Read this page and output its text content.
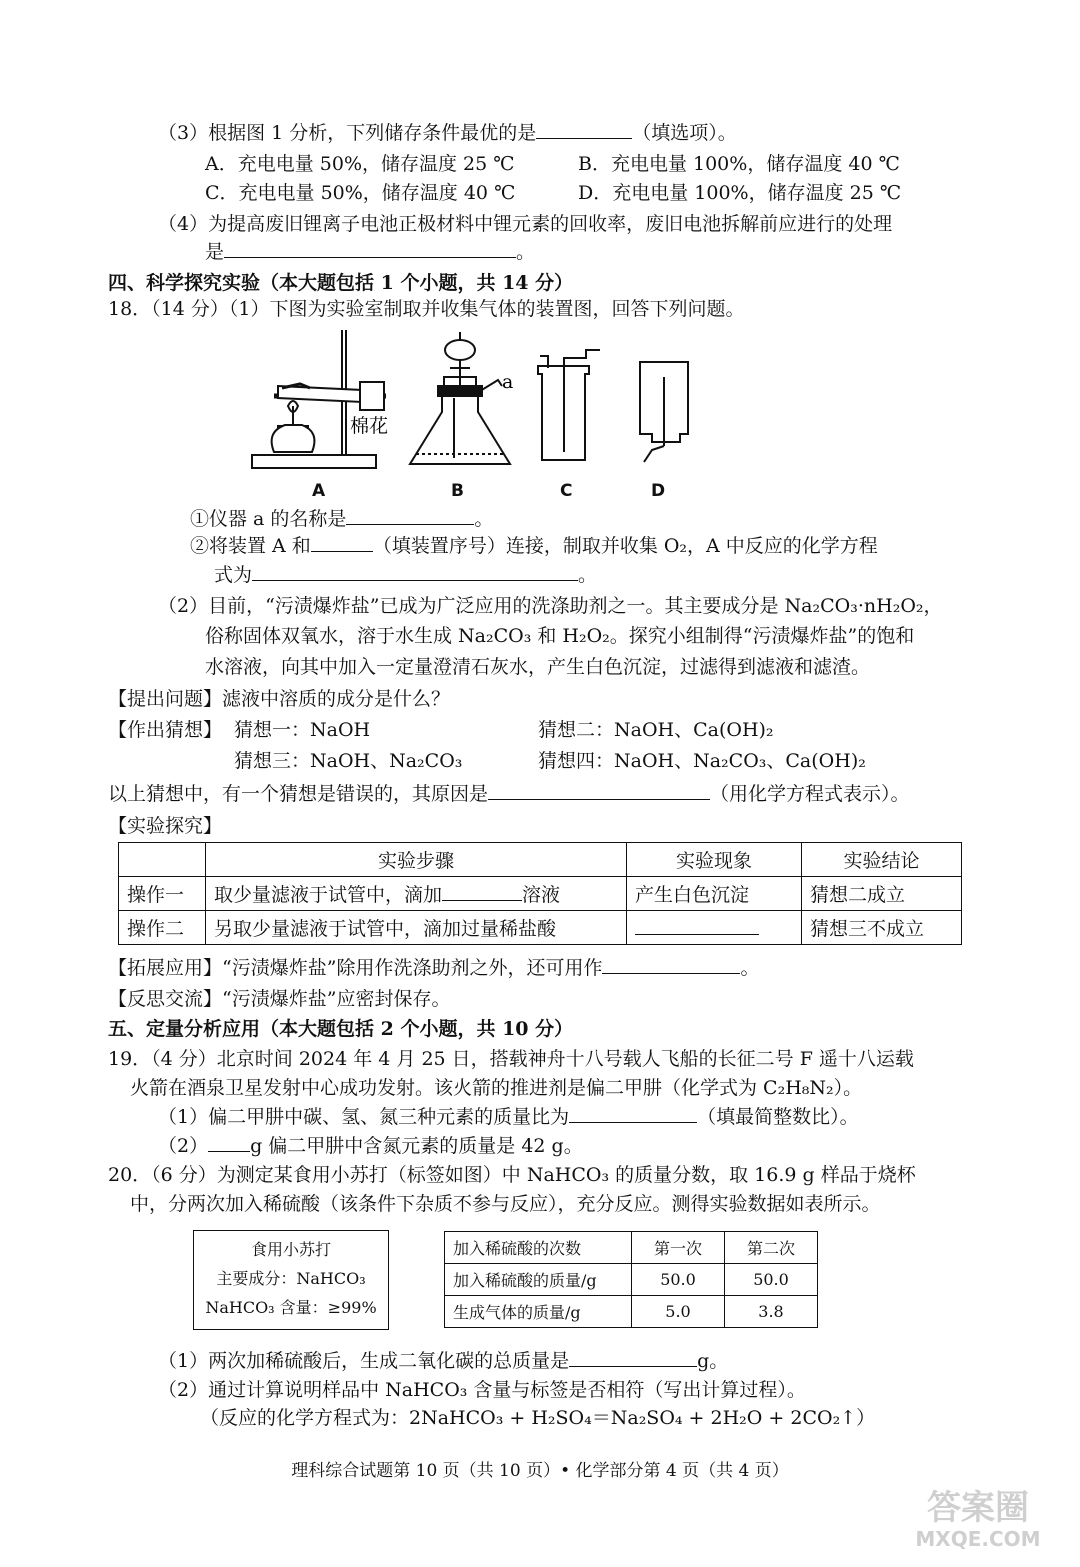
（3）根据图 1 分析，下列储存条件最优的是	（填选项）。
A．充电电量 50%，储存温度 25 ℃	B．充电电量 100%，储存温度 40 ℃
C．充电电量 50%，储存温度 40 ℃	D．充电电量 100%，储存温度 25 ℃
（4）为提高废旧锂离子电池正极材料中锂元素的回收率，废旧电池拆解前应进行的处理
是	。
四、科学探究实验（本大题包括 1 个小题，共 14 分）
18．（14 分）（1）下图为实验室制取并收集气体的装置图，回答下列问题。
棉花
a
A	B	C	D
①仪器 a 的名称是	。
②将装置 A 和	（填装置序号）连接，制取并收集 O₂，A 中反应的化学方程
式为	。
（2）目前，“污渍爆炸盐”已成为广泛应用的洗涤助剂之一。其主要成分是 Na₂CO₃·nH₂O₂，
俗称固体双氧水，溶于水生成 Na₂CO₃ 和 H₂O₂。探究小组制得“污渍爆炸盐”的饱和
水溶液，向其中加入一定量澄清石灰水，产生白色沉淀，过滤得到滤液和滤渣。
【提出问题】滤液中溶质的成分是什么？
【作出猜想】 猜想一：NaOH	猜想二：NaOH、Ca(OH)₂
猜想三：NaOH、Na₂CO₃	猜想四：NaOH、Na₂CO₃、Ca(OH)₂
以上猜想中，有一个猜想是错误的，其原因是	（用化学方程式表示）。
【实验探究】
	实验步骤	实验现象	实验结论
操作一	取少量滤液于试管中，滴加 溶液	产生白色沉淀	猜想二成立
操作二	另取少量滤液于试管中，滴加过量稀盐酸		猜想三不成立
【拓展应用】“污渍爆炸盐”除用作洗涤助剂之外，还可用作	。
【反思交流】“污渍爆炸盐”应密封保存。
五、定量分析应用（本大题包括 2 个小题，共 10 分）
19．（4 分）北京时间 2024 年 4 月 25 日，搭载神舟十八号载人飞船的长征二号 F 遥十八运载
火箭在酒泉卫星发射中心成功发射。该火箭的推进剂是偏二甲肼（化学式为 C₂H₈N₂）。
（1）偏二甲肼中碳、氢、氮三种元素的质量比为	（填最简整数比）。
（2） g 偏二甲肼中含氮元素的质量是 42 g。
20．（6 分）为测定某食用小苏打（标签如图）中 NaHCO₃ 的质量分数，取 16.9 g 样品于烧杯
中，分两次加入稀硫酸（该条件下杂质不参与反应），充分反应。测得实验数据如表所示。
食用小苏打
主要成分：NaHCO₃
NaHCO₃ 含量：≥99%
加入稀硫酸的次数	第一次	第二次
加入稀硫酸的质量/g	50.0	50.0
生成气体的质量/g	5.0	3.8
（1）两次加稀硫酸后，生成二氧化碳的总质量是	g。
（2）通过计算说明样品中 NaHCO₃ 含量与标签是否相符（写出计算过程）。
（反应的化学方程式为：2NaHCO₃ + H₂SO₄＝Na₂SO₄ + 2H₂O + 2CO₂↑）
理科综合试题第 10 页（共 10 页）• 化学部分第 4 页（共 4 页）
答案圈
MXQE.COM
